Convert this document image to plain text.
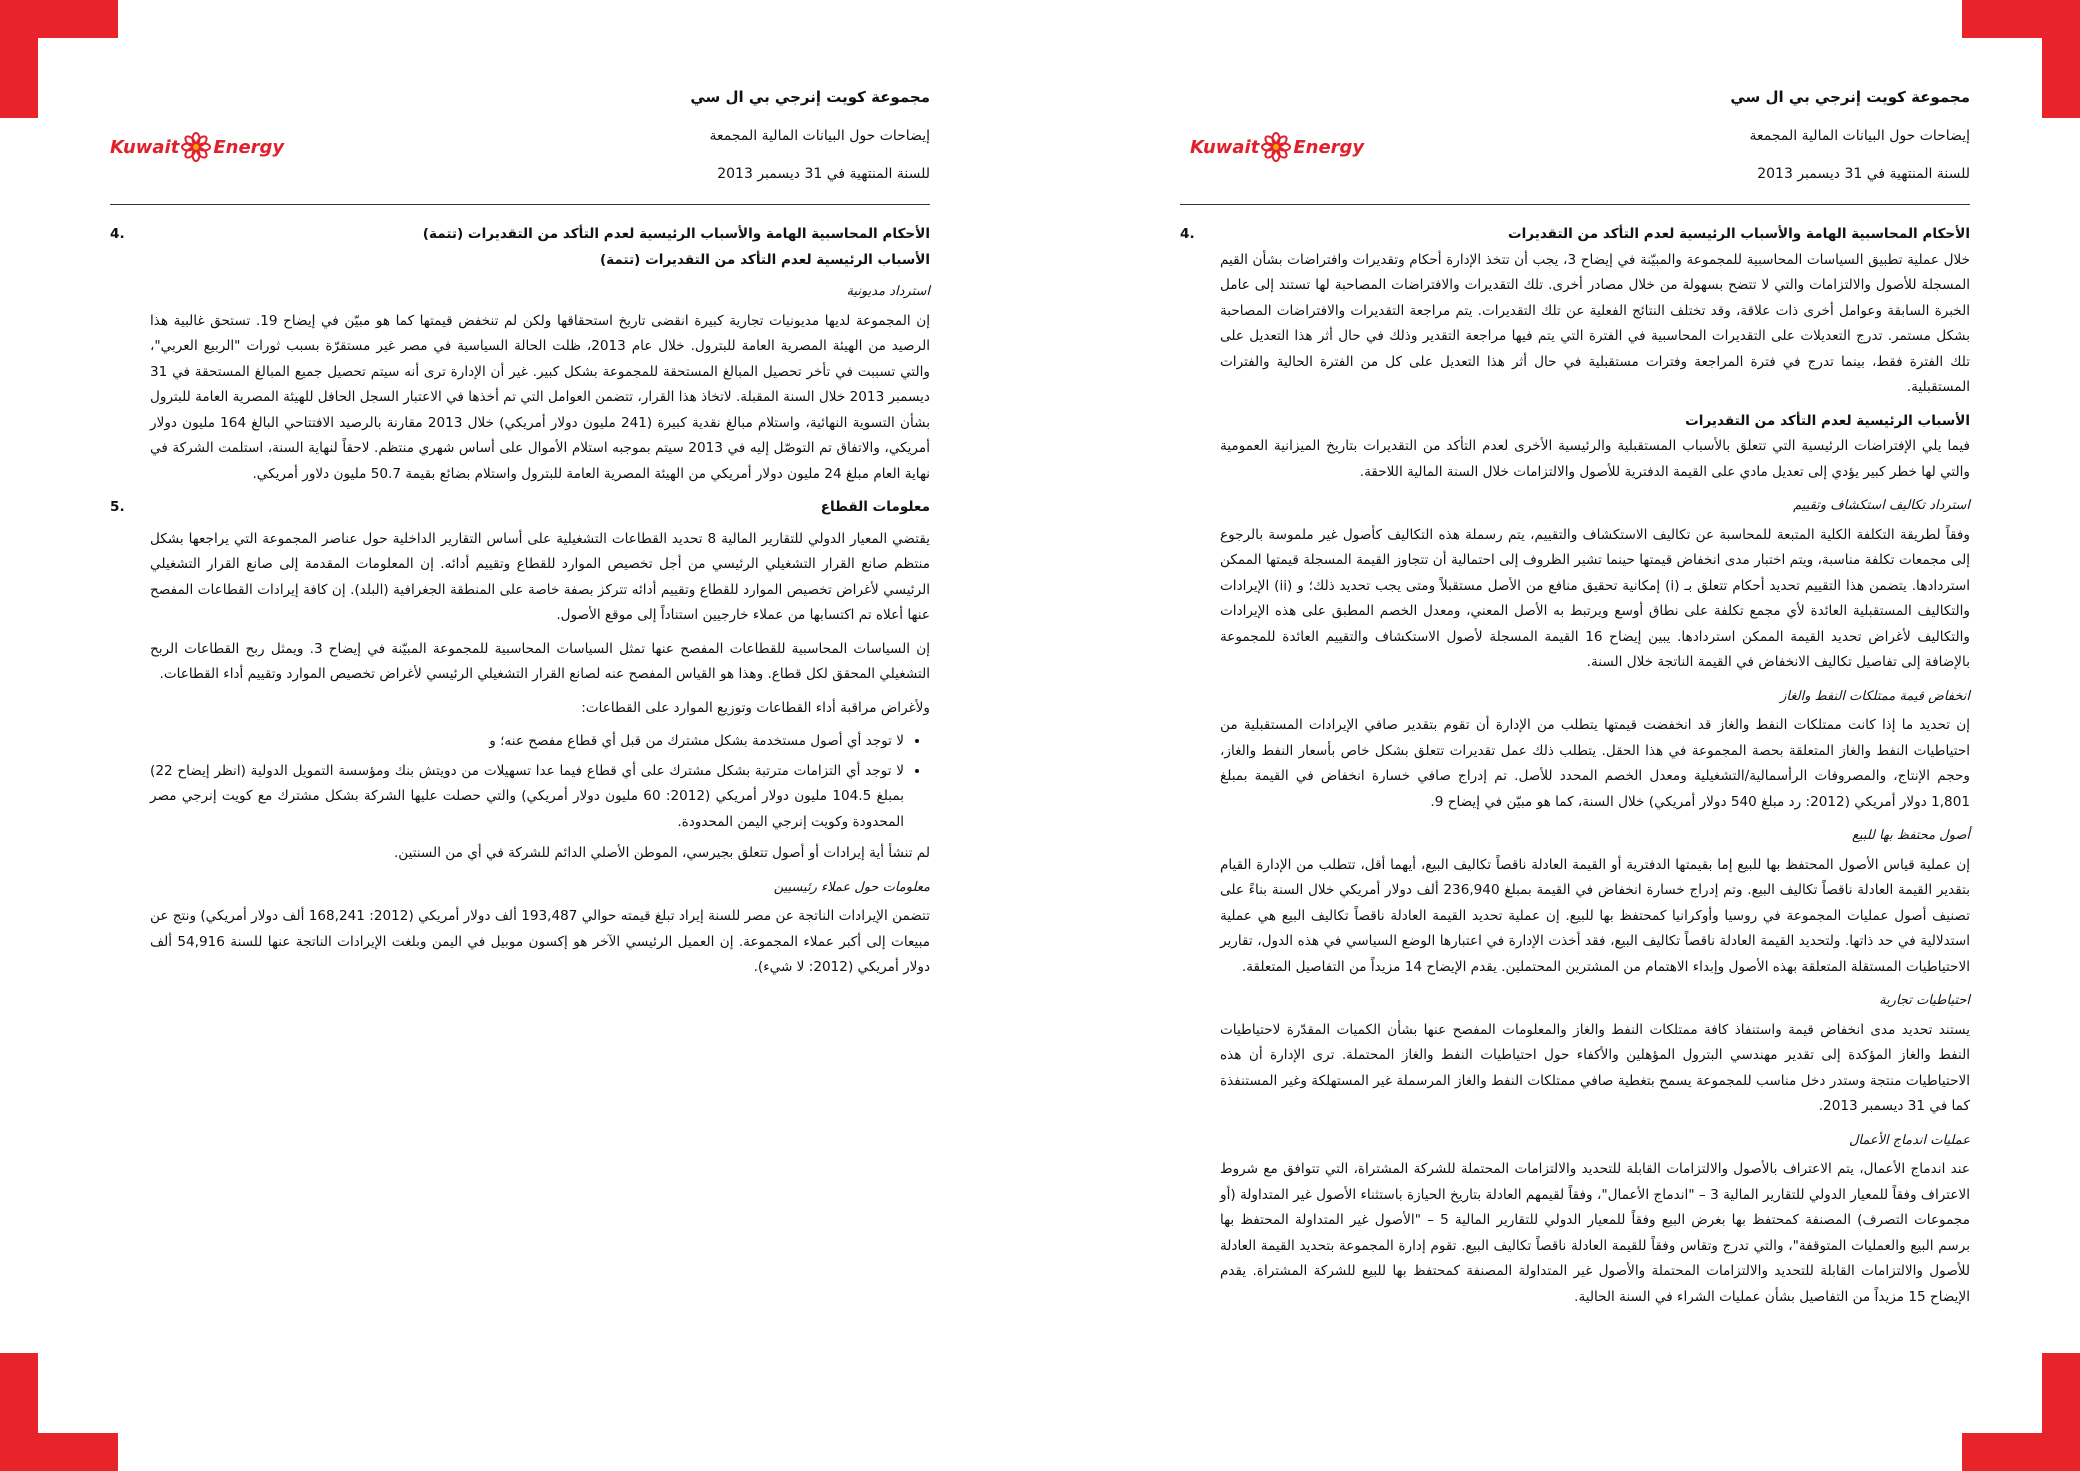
مجموعة كويت إنرجي بي ال سي

إيضاحات حول البيانات المالية المجمعة

للسنة المنتهية في 31 ديسمبر 2013

Kuwait Energy

الأحكام المحاسبية الهامة والأسباب الرئيسية لعدم التأكد من التقديرات (تتمة)

الأسباب الرئيسية لعدم التأكد من التقديرات (تتمة)

استرداد مديونية

إن المجموعة لديها مديونيات تجارية كبيرة انقضى تاريخ استحقاقها ولكن لم تنخفض قيمتها كما هو مبيّن في إيضاح 19. تستحق غالبية هذا الرصيد من الهيئة المصرية العامة للبترول. خلال عام 2013، ظلت الحالة السياسية في مصر غير مستقرّة بسبب ثورات "الربيع العربي"، والتي تسببت في تأخر تحصيل المبالغ المستحقة للمجموعة بشكل كبير. غير أن الإدارة ترى أنه سيتم تحصيل جميع المبالغ المستحقة في 31 ديسمبر 2013 خلال السنة المقبلة. لاتخاذ هذا القرار، تتضمن العوامل التي تم أخذها في الاعتبار السجل الحافل للهيئة المصرية العامة للبترول بشأن التسوية النهائية، واستلام مبالغ نقدية كبيرة (241 مليون دولار أمريكي) خلال 2013 مقارنة بالرصيد الافتتاحي البالغ 164 مليون دولار أمريكي، والاتفاق تم التوصّل إليه في 2013 سيتم بموجبه استلام الأموال على أساس شهري منتظم. لاحقاً لنهاية السنة، استلمت الشركة في نهاية العام مبلغ 24 مليون دولار أمريكي من الهيئة المصرية العامة للبترول واستلام بضائع بقيمة 50.7 مليون دلاور أمريكي.

4.

معلومات القطاع

يقتضي المعيار الدولي للتقارير المالية 8 تحديد القطاعات التشغيلية على أساس التقارير الداخلية حول عناصر المجموعة التي يراجعها بشكل منتظم صانع القرار التشغيلي الرئيسي من أجل تخصيص الموارد للقطاع وتقييم أدائه. إن المعلومات المقدمة إلى صانع القرار التشغيلي الرئيسي لأغراض تخصيص الموارد للقطاع وتقييم أدائه تتركز بصفة خاصة على المنطقة الجغرافية (البلد). إن كافة إيرادات القطاعات المفصح عنها أعلاه تم اكتسابها من عملاء خارجيين استناداً إلى موقع الأصول.

إن السياسات المحاسبية للقطاعات المفصح عنها تمثل السياسات المحاسبية للمجموعة المبيّنة في إيضاح 3. ويمثل ربح القطاعات الربح التشغيلي المحقق لكل قطاع. وهذا هو القياس المفصح عنه لصانع القرار التشغيلي الرئيسي لأغراض تخصيص الموارد وتقييم أداء القطاعات.

ولأغراض مراقبة أداء القطاعات وتوزيع الموارد على القطاعات:

• لا توجد أي أصول مستخدمة بشكل مشترك من قبل أي قطاع مفصح عنه؛ و
• لا توجد أي التزامات مترتبة بشكل مشترك على أي قطاع فيما عدا تسهيلات من دويتش بنك ومؤسسة التمويل الدولية (انظر إيضاح 22) بمبلغ 104.5 مليون دولار أمريكي (2012: 60 مليون دولار أمريكي) والتي حصلت عليها الشركة بشكل مشترك مع كويت إنرجي مصر المحدودة وكويت إنرجي اليمن المحدودة.

لم تنشأ أية إيرادات أو أصول تتعلق بجيرسي، الموطن الأصلي الدائم للشركة في أي من السنتين.

معلومات حول عملاء رئيسيين

تتضمن الإيرادات الناتجة عن مصر للسنة إيراد تبلغ قيمته حوالي 193,487 ألف دولار أمريكي (2012: 168,241 ألف دولار أمريكي) ونتج عن مبيعات إلى أكبر عملاء المجموعة. إن العميل الرئيسي الآخر هو إكسون موبيل في اليمن وبلغت الإيرادات الناتجة عنها للسنة 54,916 ألف دولار أمريكي (2012: لا شيء).

5.

مجموعة كويت إنرجي بي ال سي

إيضاحات حول البيانات المالية المجمعة

للسنة المنتهية في 31 ديسمبر 2013

Kuwait Energy

الأحكام المحاسبية الهامة والأسباب الرئيسية لعدم التأكد من التقديرات

خلال عملية تطبيق السياسات المحاسبية للمجموعة والمبيّنة في إيضاح 3، يجب أن تتخذ الإدارة أحكام وتقديرات وافتراضات بشأن القيم المسجلة للأصول والالتزامات والتي لا تتضح بسهولة من خلال مصادر أخرى. تلك التقديرات والافتراضات المصاحبة لها تستند إلى عامل الخبرة السابقة وعوامل أخرى ذات علاقة، وقد تختلف النتائج الفعلية عن تلك التقديرات. يتم مراجعة التقديرات والافتراضات المصاحبة بشكل مستمر. تدرج التعديلات على التقديرات المحاسبية في الفترة التي يتم فيها مراجعة التقدير وذلك في حال أثر هذا التعديل على تلك الفترة فقط، بينما تدرج في فترة المراجعة وفترات مستقبلية في حال أثر هذا التعديل على كل من الفترة الحالية والفترات المستقبلية.

الأسباب الرئيسية لعدم التأكد من التقديرات

فيما يلي الإفتراضات الرئيسية التي تتعلق بالأسباب المستقبلية والرئيسية الأخرى لعدم التأكد من التقديرات بتاريخ الميزانية العمومية والتي لها خطر كبير يؤدي إلى تعديل مادي على القيمة الدفترية للأصول والالتزامات خلال السنة المالية اللاحقة.

استرداد تكاليف استكشاف وتقييم

وفقاً لطريقة التكلفة الكلية المتبعة للمحاسبة عن تكاليف الاستكشاف والتقييم، يتم رسملة هذه التكاليف كأصول غير ملموسة بالرجوع إلى مجمعات تكلفة مناسبة، ويتم اختبار مدى انخفاض قيمتها حينما تشير الظروف إلى احتمالية أن تتجاوز القيمة المسجلة قيمتها الممكن استردادها. يتضمن هذا التقييم تحديد أحكام تتعلق بـ (i) إمكانية تحقيق منافع من الأصل مستقبلاً ومتى يجب تحديد ذلك؛ و (ii) الإيرادات والتكاليف المستقبلية العائدة لأي مجمع تكلفة على نطاق أوسع ويرتبط به الأصل المعني، ومعدل الخصم المطبق على هذه الإيرادات والتكاليف لأغراض تحديد القيمة الممكن استردادها. يبين إيضاح 16 القيمة المسجلة لأصول الاستكشاف والتقييم العائدة للمجموعة بالإضافة إلى تفاصيل تكاليف الانخفاض في القيمة الناتجة خلال السنة.

انخفاض قيمة ممتلكات النفط والغاز

إن تحديد ما إذا كانت ممتلكات النفط والغاز قد انخفضت قيمتها يتطلب من الإدارة أن تقوم بتقدير صافي الإيرادات المستقبلية من احتياطيات النفط والغاز المتعلقة بحصة المجموعة في هذا الحقل. يتطلب ذلك عمل تقديرات تتعلق بشكل خاص بأسعار النفط والغاز، وحجم الإنتاج، والمصروفات الرأسمالية/التشغيلية ومعدل الخصم المحدد للأصل. تم إدراج صافي خسارة انخفاض في القيمة بمبلغ 1,801 دولار أمريكي (2012: رد مبلغ 540 دولار أمريكي) خلال السنة، كما هو مبيّن في إيضاح 9.

أصول محتفظ بها للبيع

إن عملية قياس الأصول المحتفظ بها للبيع إما بقيمتها الدفترية أو القيمة العادلة ناقصاً تكاليف البيع، أيهما أقل، تتطلب من الإدارة القيام بتقدير القيمة العادلة ناقصاً تكاليف البيع. وتم إدراج خسارة انخفاض في القيمة بمبلغ 236,940 ألف دولار أمريكي خلال السنة بناءً على تصنيف أصول عمليات المجموعة في روسيا وأوكرانيا كمحتفظ بها للبيع. إن عملية تحديد القيمة العادلة ناقصاً تكاليف البيع هي عملية استدلالية في حد ذاتها. ولتحديد القيمة العادلة ناقصاً تكاليف البيع، فقد أخذت الإدارة في اعتبارها الوضع السياسي في هذه الدول، تقارير الاحتياطيات المستقلة المتعلقة بهذه الأصول وإبداء الاهتمام من المشترين المحتملين. يقدم الإيضاح 14 مزيداً من التفاصيل المتعلقة.

احتياطيات تجارية

يستند تحديد مدى انخفاض قيمة واستنفاذ كافة ممتلكات النفط والغاز والمعلومات المفصح عنها بشأن الكميات المقدّرة لاحتياطيات النفط والغاز المؤكدة إلى تقدير مهندسي البترول المؤهلين والأكفاء حول احتياطيات النفط والغاز المحتملة. ترى الإدارة أن هذه الاحتياطيات منتجة وستدر دخل مناسب للمجموعة يسمح بتغطية صافي ممتلكات النفط والغاز المرسملة غير المستهلكة وغير المستنفذة كما في 31 ديسمبر 2013.

عمليات اندماج الأعمال

عند اندماج الأعمال، يتم الاعتراف بالأصول والالتزامات القابلة للتحديد والالتزامات المحتملة للشركة المشتراة، التي تتوافق مع شروط الاعتراف وفقاً للمعيار الدولي للتقارير المالية 3 – "اندماج الأعمال"، وفقاً لقيمهم العادلة بتاريخ الحيازة باستثناء الأصول غير المتداولة (أو مجموعات التصرف) المصنفة كمحتفظ بها بغرض البيع وفقاً للمعيار الدولي للتقارير المالية 5 – "الأصول غير المتداولة المحتفظ بها برسم البيع والعمليات المتوقفة"، والتي تدرج وتقاس وفقاً للقيمة العادلة ناقصاً تكاليف البيع. تقوم إدارة المجموعة بتحديد القيمة العادلة للأصول والالتزامات القابلة للتحديد والالتزامات المحتملة والأصول غير المتداولة المصنفة كمحتفظ بها للبيع للشركة المشتراة. يقدم الإيضاح 15 مزيداً من التفاصيل بشأن عمليات الشراء في السنة الحالية.

4.
